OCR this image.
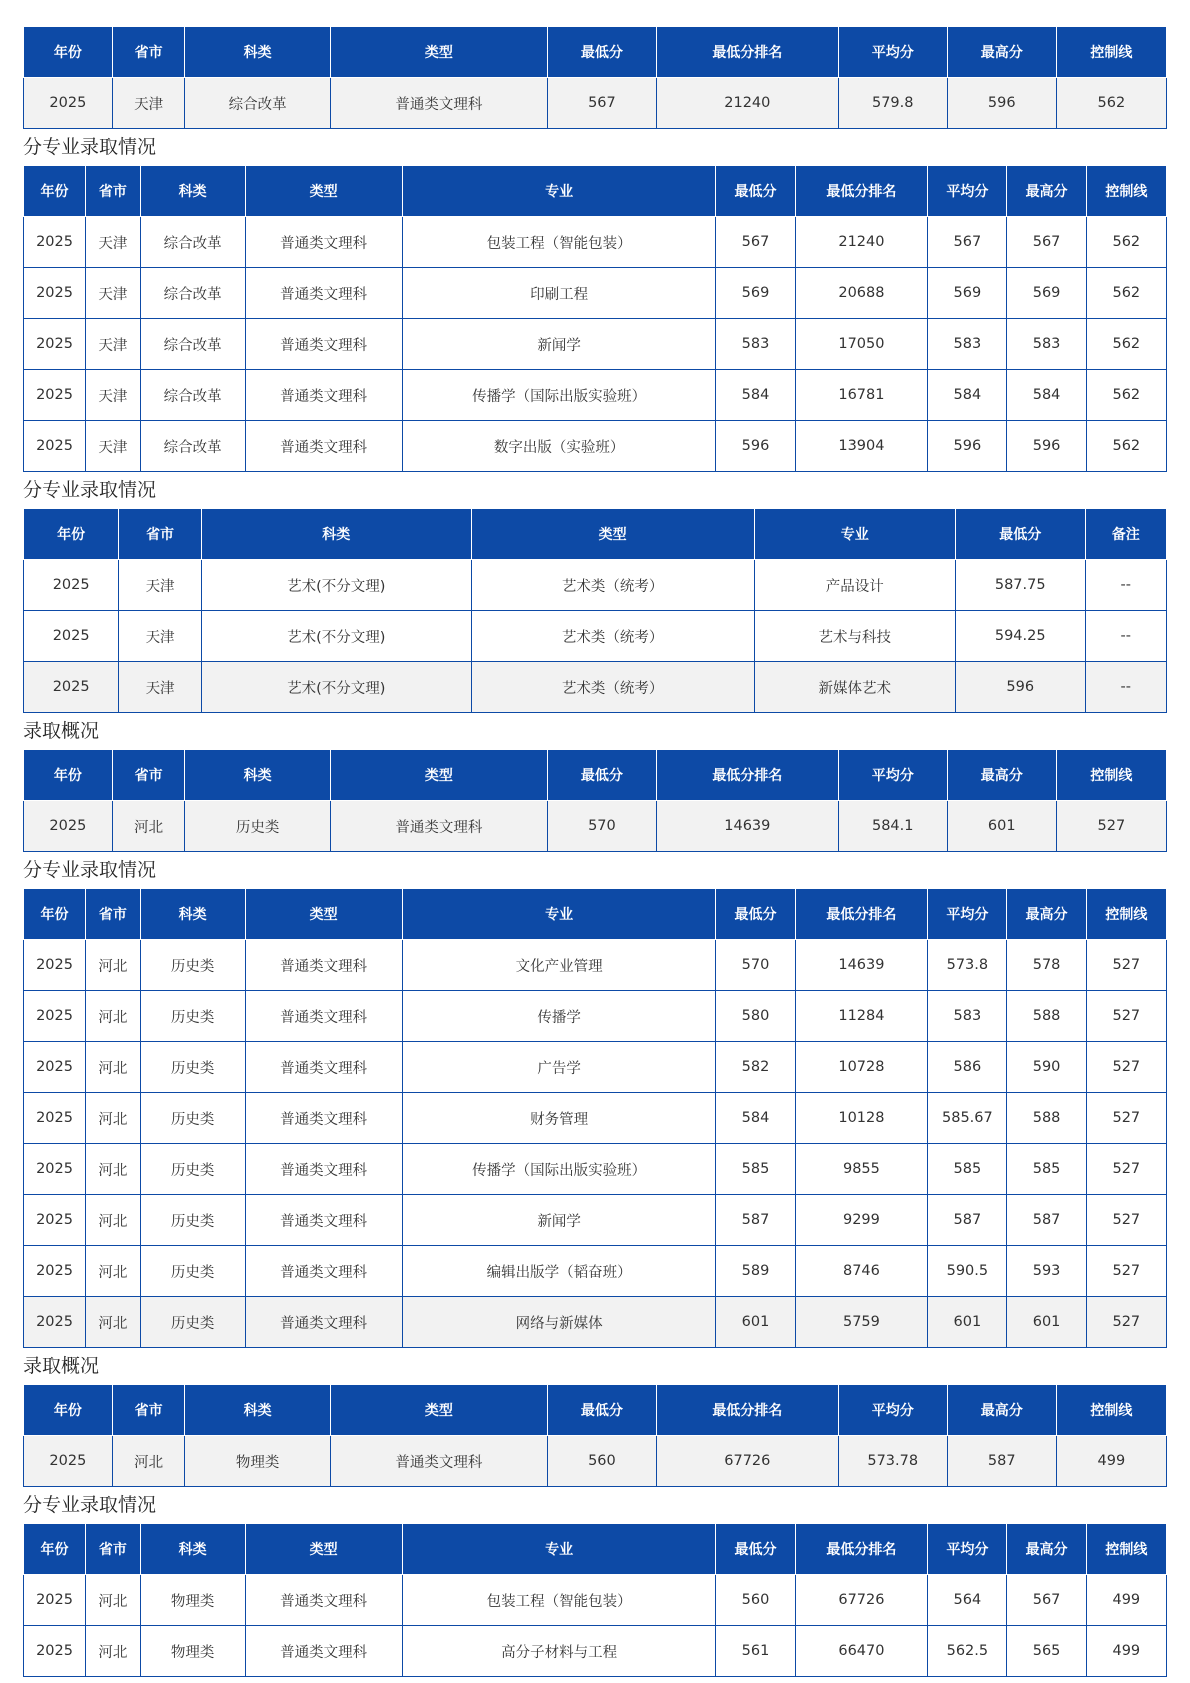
年份	省市	科类	类型	最低分	最低分排名	平均分	最高分	控制线
2025	天津	综合改革	普通类文理科	567	21240	579.8	596	562
分专业录取情况
年份	省市	科类	类型	专业	最低分	最低分排名	平均分	最高分	控制线
2025	天津	综合改革	普通类文理科	包装工程（智能包装）	567	21240	567	567	562
2025	天津	综合改革	普通类文理科	印刷工程	569	20688	569	569	562
2025	天津	综合改革	普通类文理科	新闻学	583	17050	583	583	562
2025	天津	综合改革	普通类文理科	传播学（国际出版实验班）	584	16781	584	584	562
2025	天津	综合改革	普通类文理科	数字出版（实验班）	596	13904	596	596	562
分专业录取情况
年份	省市	科类	类型	专业	最低分	备注
2025	天津	艺术(不分文理)	艺术类（统考）	产品设计	587.75	--
2025	天津	艺术(不分文理)	艺术类（统考）	艺术与科技	594.25	--
2025	天津	艺术(不分文理)	艺术类（统考）	新媒体艺术	596	--
录取概况
年份	省市	科类	类型	最低分	最低分排名	平均分	最高分	控制线
2025	河北	历史类	普通类文理科	570	14639	584.1	601	527
分专业录取情况
年份	省市	科类	类型	专业	最低分	最低分排名	平均分	最高分	控制线
2025	河北	历史类	普通类文理科	文化产业管理	570	14639	573.8	578	527
2025	河北	历史类	普通类文理科	传播学	580	11284	583	588	527
2025	河北	历史类	普通类文理科	广告学	582	10728	586	590	527
2025	河北	历史类	普通类文理科	财务管理	584	10128	585.67	588	527
2025	河北	历史类	普通类文理科	传播学（国际出版实验班）	585	9855	585	585	527
2025	河北	历史类	普通类文理科	新闻学	587	9299	587	587	527
2025	河北	历史类	普通类文理科	编辑出版学（韬奋班）	589	8746	590.5	593	527
2025	河北	历史类	普通类文理科	网络与新媒体	601	5759	601	601	527
录取概况
年份	省市	科类	类型	最低分	最低分排名	平均分	最高分	控制线
2025	河北	物理类	普通类文理科	560	67726	573.78	587	499
分专业录取情况
年份	省市	科类	类型	专业	最低分	最低分排名	平均分	最高分	控制线
2025	河北	物理类	普通类文理科	包装工程（智能包装）	560	67726	564	567	499
2025	河北	物理类	普通类文理科	高分子材料与工程	561	66470	562.5	565	499
